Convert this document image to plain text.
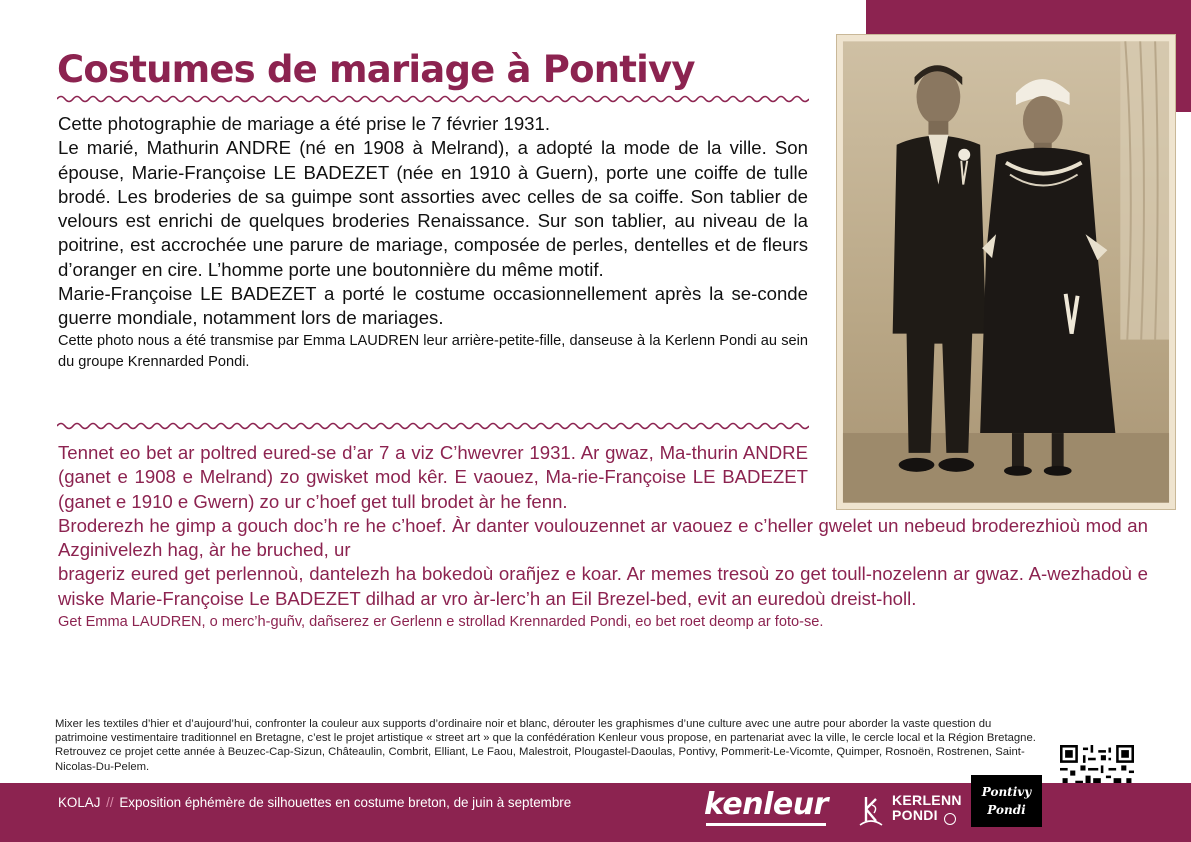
Costumes de mariage à Pontivy

Cette photographie de mariage a été prise le 7 février 1931.

Le marié, Mathurin ANDRE (né en 1908 à Melrand), a adopté la mode de la ville. Son épouse, Marie-Françoise LE BADEZET (née en 1910 à Guern), porte une coiffe de tulle brodé. Les broderies de sa guimpe sont assorties avec celles de sa coiffe. Son tablier de velours est enrichi de quelques broderies Renaissance. Sur son tablier, au niveau de la poitrine, est accrochée une parure de mariage, composée de perles, dentelles et de fleurs d’oranger en cire. L’homme porte une boutonnière du même motif.

Marie-Françoise LE BADEZET a porté le costume occasionnellement après la se-conde guerre mondiale, notamment lors de mariages.

Cette photo nous a été transmise par Emma LAUDREN leur arrière-petite-fille, danseuse à la Kerlenn Pondi au sein du groupe Krennarded Pondi.

Tennet eo bet ar poltred eured-se d’ar 7 a viz C’hwevrer 1931. Ar gwaz, Ma-thurin ANDRE (ganet e 1908 e Melrand) zo gwisket mod kêr. E vaouez, Ma-rie-Françoise LE BADEZET (ganet e 1910 e Gwern) zo ur c’hoef get tull brodet àr he fenn.

Broderezh he gimp a gouch doc’h re he c’hoef. Àr danter voulouzennet ar vaouez e c’heller gwelet un nebeud broderezhioù mod an Azginivelezh hag, àr he bruched, ur

brageriz eured get perlennoù, dantelezh ha bokedoù orañjez e koar. Ar memes tresoù zo get toull-nozelenn ar gwaz. A-wezhadoù e wiske Marie-Françoise Le BADEZET dilhad ar vro àr-lerc’h an Eil Brezel-bed, evit an euredoù dreist-holl.

Get Emma LAUDREN, o merc’h-guñv, dañserez er Gerlenn e strollad Krennarded Pondi, eo bet roet deomp ar foto-se.

Mixer les textiles d’hier et d’aujourd’hui, confronter la couleur aux supports d’ordinaire noir et blanc, dérouter les graphismes d’une culture avec une autre pour aborder la vaste question du patrimoine vestimentaire traditionnel en Bretagne, c’est le projet artistique « street art » que la confédération Kenleur vous propose, en partenariat avec la ville, le cercle local et la Région Bretagne. Retrouvez ce projet cette année à Beuzec-Cap-Sizun, Châteaulin, Combrit, Elliant, Le Faou, Malestroit, Plougastel-Daoulas, Pontivy, Pommerit-Le-Vicomte, Quimper, Rosnoën, Rostrenen, Saint-Nicolas-Du-Pelem.

KOLAJ // Exposition éphémère de silhouettes en costume breton, de juin à septembre	kenleur	KERLENN
PONDI
Pontivy
Pondi
